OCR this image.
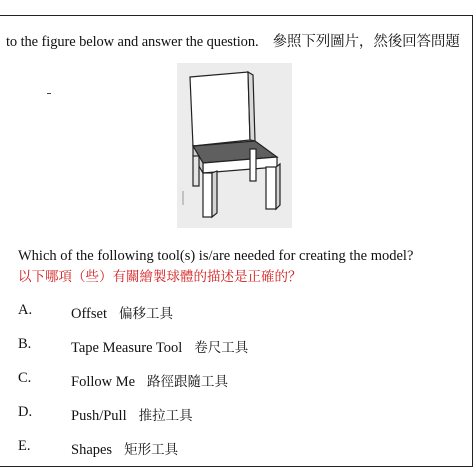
to the figure below and answer the question. 參照下列圖片，然後回答問題
Which of the following tool(s) is/are needed for creating the model?
以下哪項（些）有關繪製球體的描述是正確的？
A.	Offset 偏移工具
B.	Tape Measure Tool 卷尺工具
C.	Follow Me 路徑跟隨工具
D.	Push/Pull 推拉工具
E.	Shapes 矩形工具
